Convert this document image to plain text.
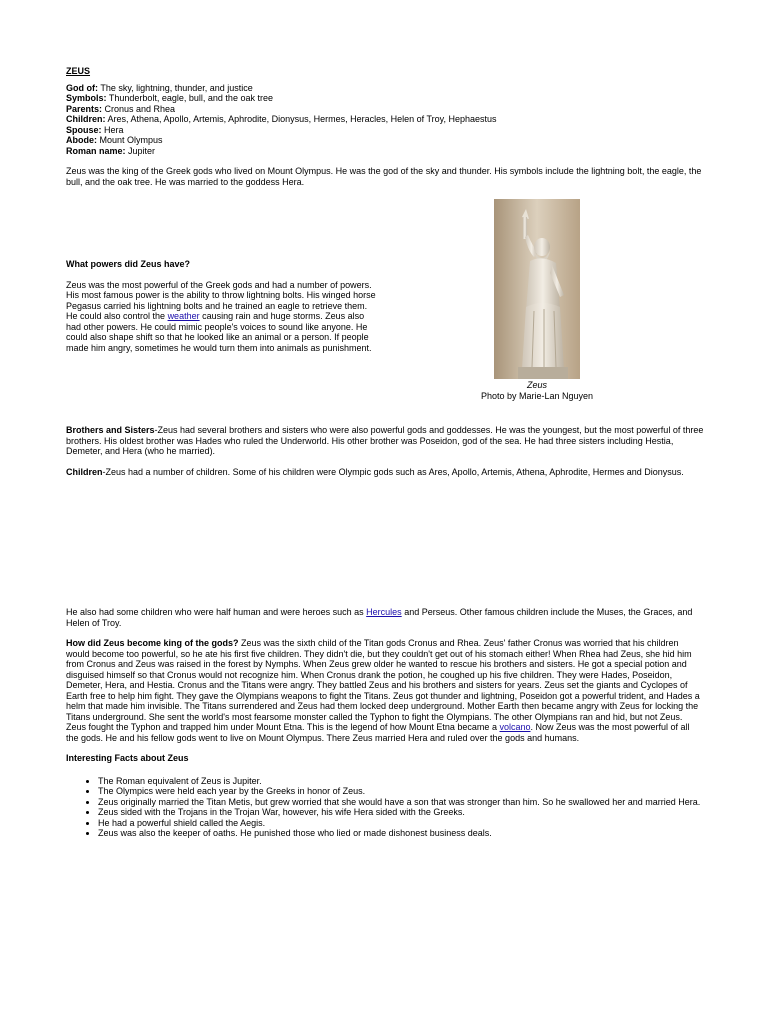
ZEUS
God of: The sky, lightning, thunder, and justice
Symbols: Thunderbolt, eagle, bull, and the oak tree
Parents: Cronus and Rhea
Children: Ares, Athena, Apollo, Artemis, Aphrodite, Dionysus, Hermes, Heracles, Helen of Troy, Hephaestus
Spouse: Hera
Abode: Mount Olympus
Roman name: Jupiter

Zeus was the king of the Greek gods who lived on Mount Olympus. He was the god of the sky and thunder. His symbols include the lightning bolt, the eagle, the bull, and the oak tree. He was married to the goddess Hera.

What powers did Zeus have?

Zeus was the most powerful of the Greek gods and had a number of powers. His most famous power is the ability to throw lightning bolts. His winged horse Pegasus carried his lightning bolts and he trained an eagle to retrieve them. He could also control the weather causing rain and huge storms. Zeus also had other powers. He could mimic people's voices to sound like anyone. He could also shape shift so that he looked like an animal or a person. If people made him angry, sometimes he would turn them into animals as punishment.

Zeus
Photo by Marie-Lan Nguyen

Brothers and Sisters-Zeus had several brothers and sisters who were also powerful gods and goddesses. He was the youngest, but the most powerful of three brothers. His oldest brother was Hades who ruled the Underworld. His other brother was Poseidon, god of the sea. He had three sisters including Hestia, Demeter, and Hera (who he married).

Children-Zeus had a number of children. Some of his children were Olympic gods such as Ares, Apollo, Artemis, Athena, Aphrodite, Hermes and Dionysus.

He also had some children who were half human and were heroes such as Hercules and Perseus. Other famous children include the Muses, the Graces, and Helen of Troy.

How did Zeus become king of the gods? Zeus was the sixth child of the Titan gods Cronus and Rhea. Zeus' father Cronus was worried that his children would become too powerful, so he ate his first five children. They didn't die, but they couldn't get out of his stomach either! When Rhea had Zeus, she hid him from Cronus and Zeus was raised in the forest by Nymphs. When Zeus grew older he wanted to rescue his brothers and sisters. He got a special potion and disguised himself so that Cronus would not recognize him. When Cronus drank the potion, he coughed up his five children. They were Hades, Poseidon, Demeter, Hera, and Hestia. Cronus and the Titans were angry. They battled Zeus and his brothers and sisters for years. Zeus set the giants and Cyclopes of Earth free to help him fight. They gave the Olympians weapons to fight the Titans. Zeus got thunder and lightning, Poseidon got a powerful trident, and Hades a helm that made him invisible. The Titans surrendered and Zeus had them locked deep underground. Mother Earth then became angry with Zeus for locking the Titans underground. She sent the world's most fearsome monster called the Typhon to fight the Olympians. The other Olympians ran and hid, but not Zeus. Zeus fought the Typhon and trapped him under Mount Etna. This is the legend of how Mount Etna became a volcano. Now Zeus was the most powerful of all the gods. He and his fellow gods went to live on Mount Olympus. There Zeus married Hera and ruled over the gods and humans.

Interesting Facts about Zeus
• The Roman equivalent of Zeus is Jupiter.
• The Olympics were held each year by the Greeks in honor of Zeus.
• Zeus originally married the Titan Metis, but grew worried that she would have a son that was stronger than him. So he swallowed her and married Hera.
• Zeus sided with the Trojans in the Trojan War, however, his wife Hera sided with the Greeks.
• He had a powerful shield called the Aegis.
• Zeus was also the keeper of oaths. He punished those who lied or made dishonest business deals.
